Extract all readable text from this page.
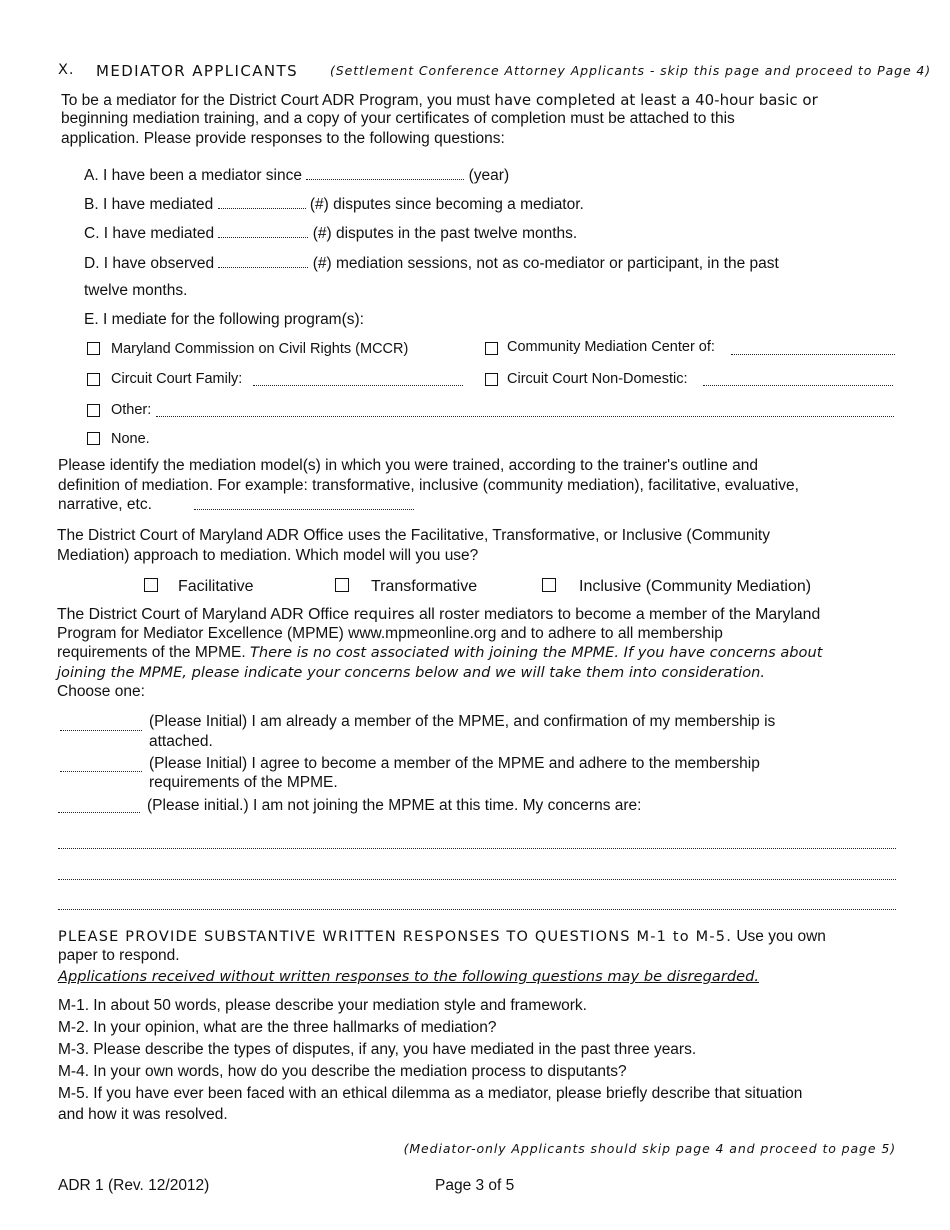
X. MEDIATOR APPLICANTS	(Settlement Conference Attorney Applicants - skip this page and proceed to Page 4)
To be a mediator for the District Court ADR Program, you must have completed at least a 40-hour basic or
beginning mediation training, and a copy of your certificates of completion must be attached to this
application. Please provide responses to the following questions:
A. I have been a mediator since	(year)
B. I have mediated	(#) disputes since becoming a mediator.
C. I have mediated	(#) disputes in the past twelve months.
D. I have observed	(#) mediation sessions, not as co-mediator or participant, in the past
twelve months.
E. I mediate for the following program(s):
Maryland Commission on Civil Rights (MCCR)	Community Mediation Center of:
Circuit Court Family:	Circuit Court Non-Domestic:
Other:
None.
Please identify the mediation model(s) in which you were trained, according to the trainer's outline and
definition of mediation. For example: transformative, inclusive (community mediation), facilitative, evaluative,
narrative, etc.
The District Court of Maryland ADR Office uses the Facilitative, Transformative, or Inclusive (Community
Mediation) approach to mediation. Which model will you use?
Facilitative	Transformative	Inclusive (Community Mediation)
The District Court of Maryland ADR Office requires all roster mediators to become a member of the Maryland
Program for Mediator Excellence (MPME) www.mpmeonline.org and to adhere to all membership
requirements of the MPME. There is no cost associated with joining the MPME. If you have concerns about
joining the MPME, please indicate your concerns below and we will take them into consideration.
Choose one:
(Please Initial) I am already a member of the MPME, and confirmation of my membership is
attached.
(Please Initial) I agree to become a member of the MPME and adhere to the membership
requirements of the MPME.
(Please initial.) I am not joining the MPME at this time. My concerns are:
PLEASE PROVIDE SUBSTANTIVE WRITTEN RESPONSES TO QUESTIONS M-1 to M-5. Use you own
paper to respond.
Applications received without written responses to the following questions may be disregarded.
M-1. In about 50 words, please describe your mediation style and framework.
M-2. In your opinion, what are the three hallmarks of mediation?
M-3. Please describe the types of disputes, if any, you have mediated in the past three years.
M-4. In your own words, how do you describe the mediation process to disputants?
M-5. If you have ever been faced with an ethical dilemma as a mediator, please briefly describe that situation
and how it was resolved.
(Mediator-only Applicants should skip page 4 and proceed to page 5)
ADR 1 (Rev. 12/2012)	Page 3 of 5
